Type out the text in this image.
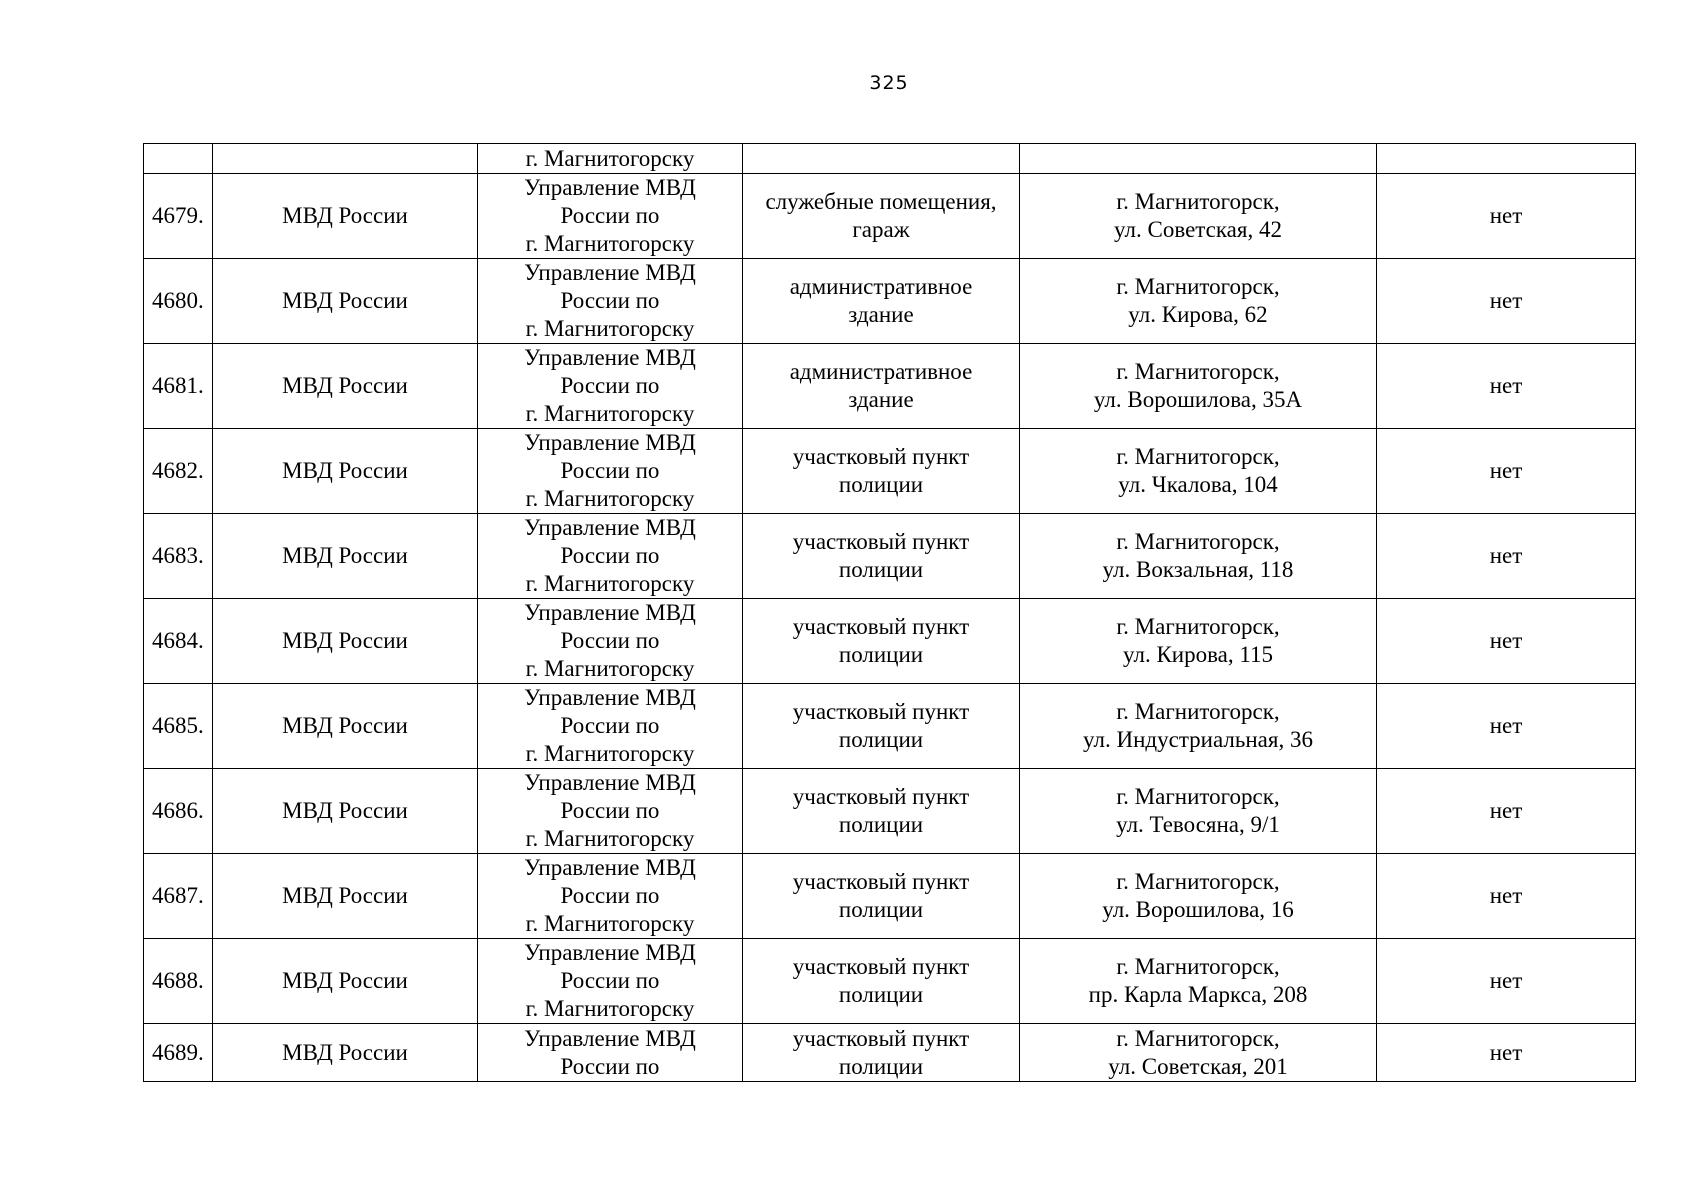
325

		г. Магнитогорску			

4679.	МВД России	Управление МВД
России по
г. Магнитогорску	служебные помещения,
гараж	г. Магнитогорск,
ул. Советская, 42	нет
4680.	МВД России	Управление МВД
России по
г. Магнитогорску	административное
здание	г. Магнитогорск,
ул. Кирова, 62	нет
4681.	МВД России	Управление МВД
России по
г. Магнитогорску	административное
здание	г. Магнитогорск,
ул. Ворошилова, 35А	нет
4682.	МВД России	Управление МВД
России по
г. Магнитогорску	участковый пункт
полиции	г. Магнитогорск,
ул. Чкалова, 104	нет
4683.	МВД России	Управление МВД
России по
г. Магнитогорску	участковый пункт
полиции	г. Магнитогорск,
ул. Вокзальная, 118	нет
4684.	МВД России	Управление МВД
России по
г. Магнитогорску	участковый пункт
полиции	г. Магнитогорск,
ул. Кирова, 115	нет
4685.	МВД России	Управление МВД
России по
г. Магнитогорску	участковый пункт
полиции	г. Магнитогорск,
ул. Индустриальная, 36	нет
4686.	МВД России	Управление МВД
России по
г. Магнитогорску	участковый пункт
полиции	г. Магнитогорск,
ул. Тевосяна, 9/1	нет
4687.	МВД России	Управление МВД
России по
г. Магнитогорску	участковый пункт
полиции	г. Магнитогорск,
ул. Ворошилова, 16	нет
4688.	МВД России	Управление МВД
России по
г. Магнитогорску	участковый пункт
полиции	г. Магнитогорск,
пр. Карла Маркса, 208	нет
4689.	МВД России	Управление МВД
России по	участковый пункт
полиции	г. Магнитогорск,
ул. Советская, 201	нет
